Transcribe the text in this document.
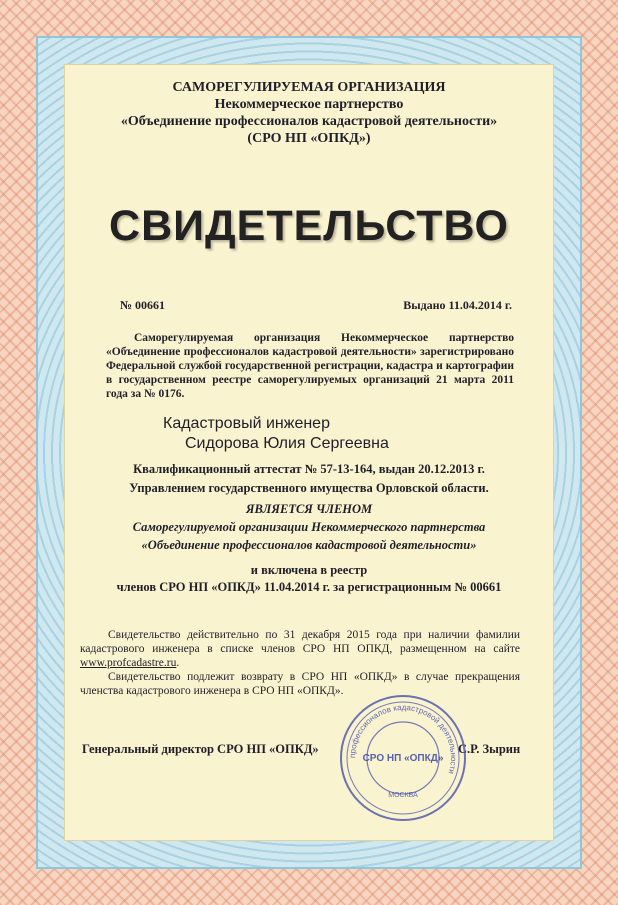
САМОРЕГУЛИРУЕМАЯ ОРГАНИЗАЦИЯ
Некоммерческое партнерство
«Объединение профессионалов кадастровой деятельности»
(СРО НП «ОПКД»)
СВИДЕТЕЛЬСТВО
№ 00661	Выдано 11.04.2014 г.
Саморегулируемая организация Некоммерческое партнерство «Объединение профессионалов кадастровой деятельности» зарегистрировано Федеральной службой государственной регистрации, кадастра и картографии в государственном реестре саморегулируемых организаций 21 марта 2011 года за № 0176.
Кадастровый инженер
Сидорова Юлия Сергеевна
Квалификационный аттестат № 57-13-164, выдан 20.12.2013 г.
Управлением государственного имущества Орловской области.
ЯВЛЯЕТСЯ ЧЛЕНОМ
Саморегулируемой организации Некоммерческого партнерства
«Объединение профессионалов кадастровой деятельности»
и включена в реестр
членов СРО НП «ОПКД» 11.04.2014 г. за регистрационным № 00661
Свидетельство действительно по 31 декабря 2015 года при наличии фамилии кадастрового инженера в списке членов СРО НП ОПКД, размещенном на сайте www.profcadastre.ru.
Свидетельство подлежит возврату в СРО НП «ОПКД» в случае прекращения членства кадастрового инженера в СРО НП «ОПКД».
Генеральный директор СРО НП «ОПКД»	С.Р. Зырин
профессионалов кадастровой деятельности
СРО НП «ОПКД»
МОСКВА
